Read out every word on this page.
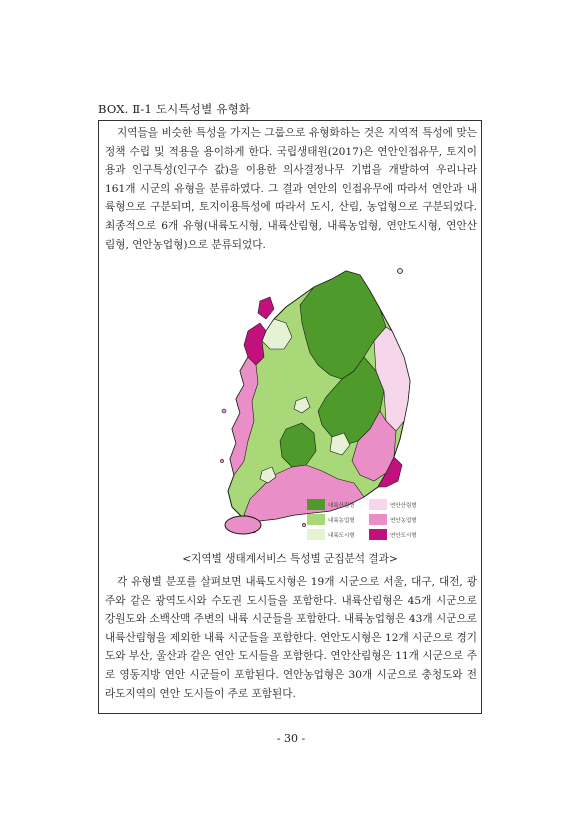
BOX. Ⅱ-1 도시특성별 유형화

지역들을 비슷한 특성을 가지는 그룹으로 유형화하는 것은 지역적 특성에 맞는 정책 수립 및 적용을 용이하게 한다. 국립생태원(2017)은 연안인접유무, 토지이용과 인구특성(인구수 값)을 이용한 의사결정나무 기법을 개발하여 우리나라 161개 시군의 유형을 분류하였다. 그 결과 연안의 인접유무에 따라서 연안과 내륙형으로 구분되며, 토지이용특성에 따라서 도시, 산림, 농업형으로 구분되었다. 최종적으로 6개 유형(내륙도시형, 내륙산림형, 내륙농업형, 연안도시형, 연안산림형, 연안농업형)으로 분류되었다.

내륙산림형	연안산림형
내륙농업형	연안농업형
내륙도시형	연안도시형
<지역별 생태계서비스 특성별 군집분석 결과>

각 유형별 분포를 살펴보면 내륙도시형은 19개 시군으로 서울, 대구, 대전, 광주와 같은 광역도시와 수도권 도시들을 포함한다. 내륙산림형은 45개 시군으로 강원도와 소백산맥 주변의 내륙 시군들을 포함한다. 내륙농업형은 43개 시군으로 내륙산림형을 제외한 내륙 시군들을 포함한다. 연안도시형은 12개 시군으로 경기도와 부산, 울산과 같은 연안 도시들을 포함한다. 연안산림형은 11개 시군으로 주로 영동지방 연안 시군들이 포함된다. 연안농업형은 30개 시군으로 충청도와 전라도지역의 연안 도시들이 주로 포함된다.

- 30 -
